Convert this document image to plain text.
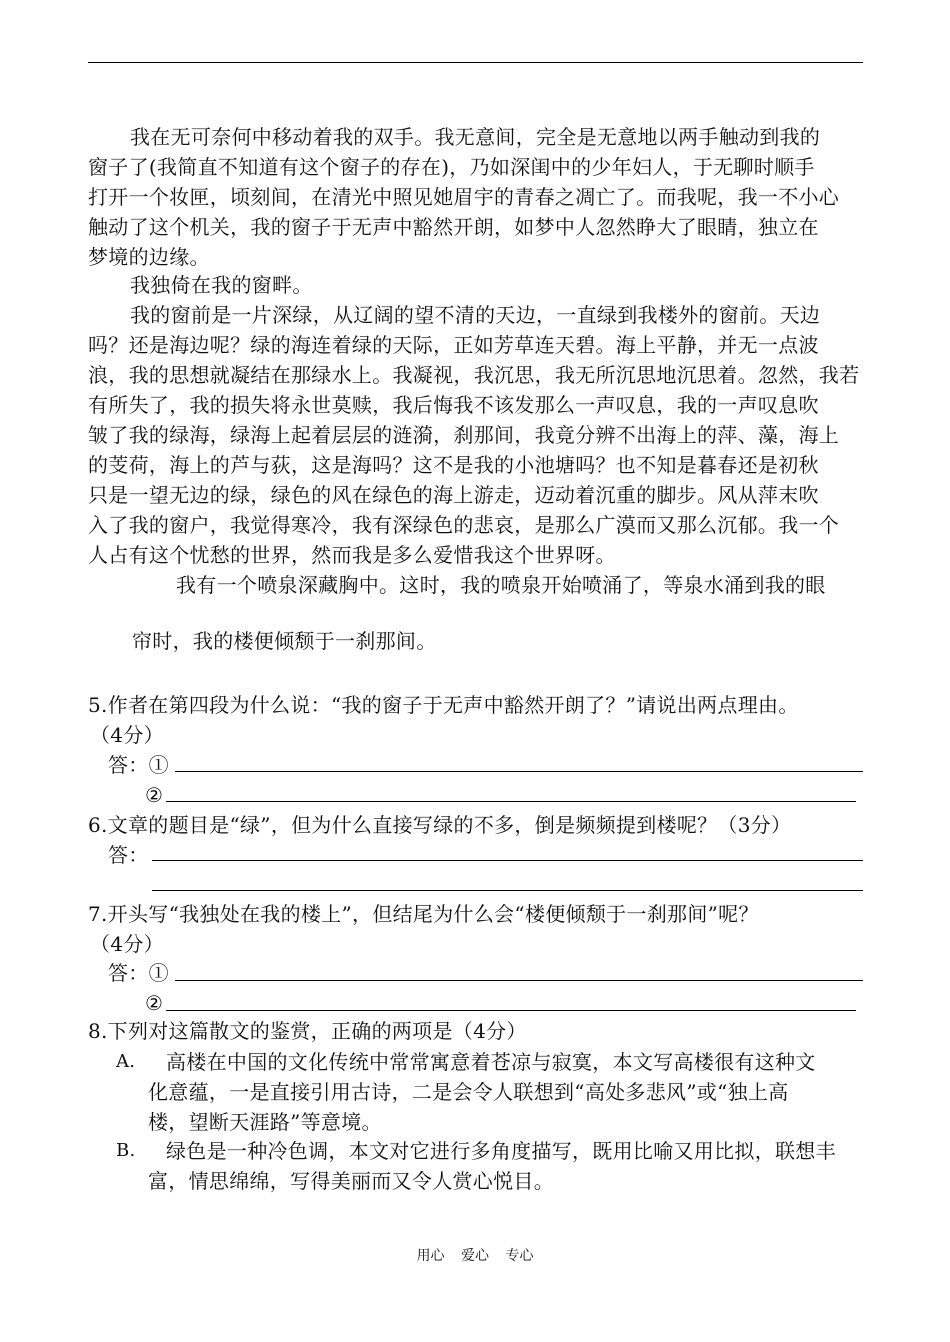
我在无可奈何中移动着我的双手。我无意间，完全是无意地以两手触动到我的
窗子了(我简直不知道有这个窗子的存在)，乃如深闺中的少年妇人，于无聊时顺手
打开一个妆匣，顷刻间，在清光中照见她眉宇的青春之凋亡了。而我呢，我一不小心
触动了这个机关，我的窗子于无声中豁然开朗，如梦中人忽然睁大了眼睛，独立在
梦境的边缘。
我独倚在我的窗畔。
我的窗前是一片深绿，从辽阔的望不清的天边，一直绿到我楼外的窗前。天边
吗？还是海边呢？绿的海连着绿的天际，正如芳草连天碧。海上平静，并无一点波
浪，我的思想就凝结在那绿水上。我凝视，我沉思，我无所沉思地沉思着。忽然，我若
有所失了，我的损失将永世莫赎，我后悔我不该发那么一声叹息，我的一声叹息吹
皱了我的绿海，绿海上起着层层的涟漪，刹那间，我竟分辨不出海上的萍、藻，海上
的芰荷，海上的芦与荻，这是海吗？这不是我的小池塘吗？也不知是暮春还是初秋
只是一望无边的绿，绿色的风在绿色的海上游走，迈动着沉重的脚步。风从萍末吹
入了我的窗户，我觉得寒冷，我有深绿色的悲哀，是那么广漠而又那么沉郁。我一个
人占有这个忧愁的世界，然而我是多么爱惜我这个世界呀。
我有一个喷泉深藏胸中。这时，我的喷泉开始喷涌了，等泉水涌到我的眼
帘时，我的楼便倾颓于一刹那间。
5.作者在第四段为什么说：“我的窗子于无声中豁然开朗了？”请说出两点理由。
（4分）
答：①
②
6.文章的题目是“绿”，但为什么直接写绿的不多，倒是频频提到楼呢？（3分）
答：
7.开头写“我独处在我的楼上”，但结尾为什么会“楼便倾颓于一刹那间”呢？
（4分）
答：①
②
8.下列对这篇散文的鉴赏，正确的两项是（4分）
A.	高楼在中国的文化传统中常常寓意着苍凉与寂寞，本文写高楼很有这种文
化意蕴，一是直接引用古诗，二是会令人联想到“高处多悲风”或“独上高
楼，望断天涯路”等意境。
B.	绿色是一种冷色调，本文对它进行多角度描写，既用比喻又用比拟，联想丰
富，情思绵绵，写得美丽而又令人赏心悦目。
用心 爱心 专心
